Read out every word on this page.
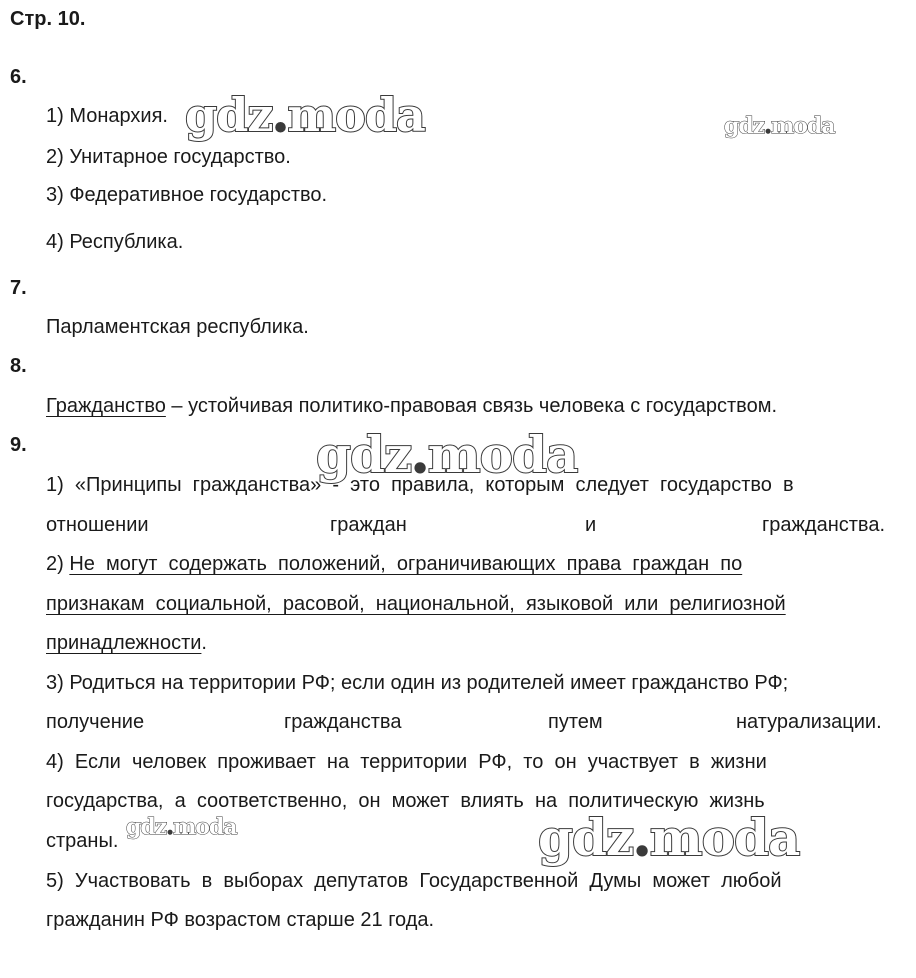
Стр. 10.
6.
1) Монархия.
2) Унитарное государство.
3) Федеративное государство.
4) Республика.
7.
Парламентская республика.
8.
Гражданство – устойчивая политико-правовая связь человека с государством.
9.
1)  «Принципы  гражданства»  -  это  правила,  которым  следует  государство  в
отношении	граждан	и	гражданства.
2) Не  могут  содержать  положений,  ограничивающих  права  граждан  по
признакам  социальной,  расовой,  национальной,  языковой  или  религиозной
принадлежности.
3) Родиться на территории РФ; если один из родителей имеет гражданство РФ;
получение	гражданства	путем	натурализации.
4)  Если  человек  проживает  на  территории  РФ,  то  он  участвует  в  жизни
государства,  а  соответственно,  он  может  влиять  на  политическую  жизнь
страны.
5)  Участвовать  в  выборах  депутатов  Государственной  Думы  может  любой
гражданин РФ возрастом старше 21 года.
gdz.moda	gdz.moda
gdz.moda
gdz.moda	gdz.moda
